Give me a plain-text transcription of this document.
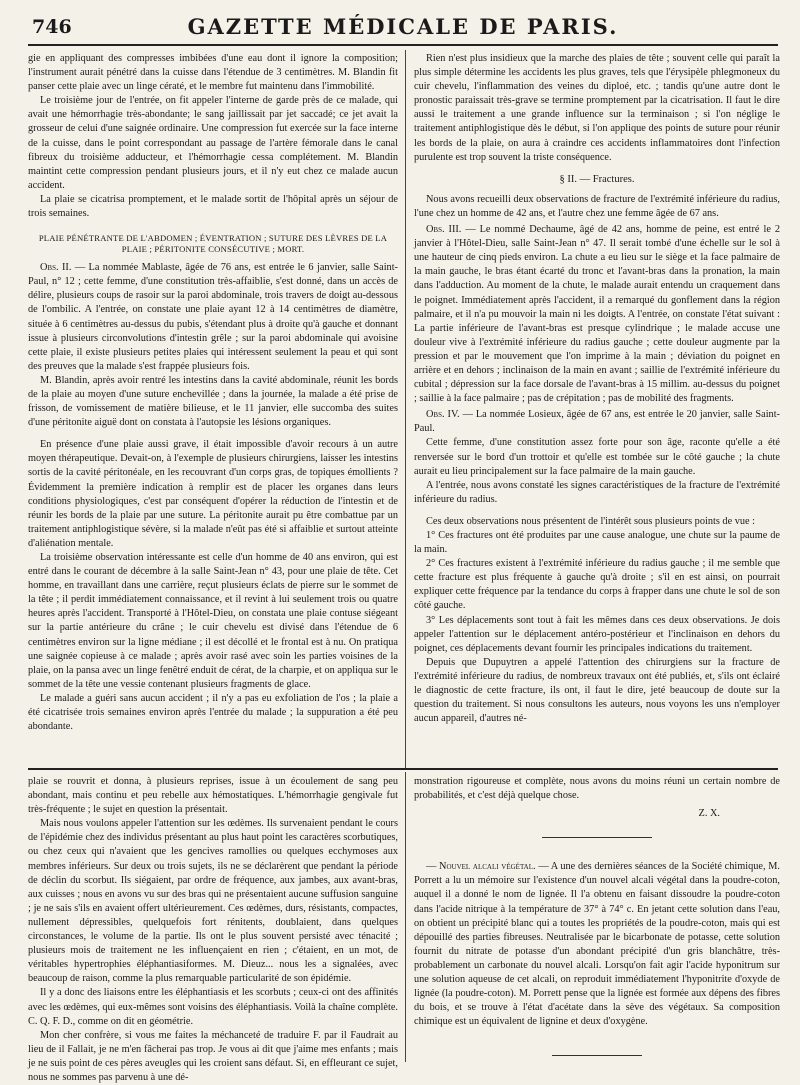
746	GAZETTE MÉDICALE DE PARIS.

gie en appliquant des compresses imbibées d'une eau dont il ignore la composition; l'instrument aurait pénétré dans la cuisse dans l'étendue de 3 centimètres. M. Blandin fit panser cette plaie avec un linge cératé, et le membre fut maintenu dans l'immobilité.

Le troisième jour de l'entrée, on fit appeler l'interne de garde près de ce malade, qui avait une hémorrhagie très-abondante; le sang jaillissait par jet saccadé; ce jet avait la grosseur de celui d'une saignée ordinaire. Une compression fut exercée sur la face interne de la cuisse, dans le point correspondant au passage de l'artère fémorale dans le canal fibreux du troisième adducteur, et l'hémorrhagie cessa complétement. M. Blandin maintint cette compression pendant plusieurs jours, et il n'y eut chez ce malade aucun accident.

La plaie se cicatrisa promptement, et le malade sortit de l'hôpital après un séjour de trois semaines.

PLAIE PÉNÉTRANTE DE L'ABDOMEN ; ÉVENTRATION ; SUTURE DES LÈVRES DE LA PLAIE ; PÉRITONITE CONSÉCUTIVE ; MORT.

Obs. II. — La nommée Mablaste, âgée de 76 ans, est entrée le 6 janvier, salle Saint-Paul, n° 12 ; cette femme, d'une constitution très-affaiblie, s'est donné, dans un accès de délire, plusieurs coups de rasoir sur la paroi abdominale, trois travers de doigt au-dessous de l'ombilic. A l'entrée, on constate une plaie ayant 12 à 14 centimètres de diamètre, située à 6 centimètres au-dessus du pubis, s'étendant plus à droite qu'à gauche et donnant issue à plusieurs circonvolutions d'intestin grêle ; sur la paroi abdominale qui avoisine cette plaie, il existe plusieurs petites plaies qui intéressent seulement la peau et qui sont des preuves que la malade s'est frappée plusieurs fois.

M. Blandin, après avoir rentré les intestins dans la cavité abdominale, réunit les bords de la plaie au moyen d'une suture enchevillée ; dans la journée, la malade a été prise de frisson, de vomissement de matière bilieuse, et le 11 janvier, elle succomba des suites d'une péritonite aiguë dont on constata à l'autopsie les lésions organiques.

En présence d'une plaie aussi grave, il était impossible d'avoir recours à un autre moyen thérapeutique. Devait-on, à l'exemple de plusieurs chirurgiens, laisser les intestins sortis de la cavité péritonéale, en les recouvrant d'un corps gras, de topiques émollients ? Évidemment la première indication à remplir est de placer les organes dans leurs conditions physiologiques, c'est par conséquent d'opérer la réduction de l'intestin et de réunir les bords de la plaie par une suture. La péritonite aurait pu être combattue par un traitement antiphlogistique sévère, si la malade n'eût pas été si affaiblie et surtout atteinte d'aliénation mentale.

La troisième observation intéressante est celle d'un homme de 40 ans environ, qui est entré dans le courant de décembre à la salle Saint-Jean n° 43, pour une plaie de tête. Cet homme, en travaillant dans une carrière, reçut plusieurs éclats de pierre sur le sommet de la tête ; il perdit immédiatement connaissance, et il revint à lui seulement trois ou quatre heures après l'accident. Transporté à l'Hôtel-Dieu, on constata une plaie contuse siégeant sur la partie antérieure du crâne ; le cuir chevelu est divisé dans l'étendue de 6 centimètres environ sur la ligne médiane ; il est décollé et le frontal est à nu. On pratiqua une saignée copieuse à ce malade ; après avoir rasé avec soin les parties voisines de la plaie, on la pansa avec un linge fenêtré enduit de cérat, de la charpie, et on appliqua sur le sommet de la tête une vessie contenant plusieurs fragments de glace.

Le malade a guéri sans aucun accident ; il n'y a pas eu exfoliation de l'os ; la plaie a été cicatrisée trois semaines environ après l'entrée du malade ; la suppuration a été peu abondante.

Rien n'est plus insidieux que la marche des plaies de tête ; souvent celle qui paraît la plus simple détermine les accidents les plus graves, tels que l'érysipèle phlegmoneux du cuir chevelu, l'inflammation des veines du diploé, etc. ; tandis qu'une autre dont le pronostic paraissait très-grave se termine promptement par la cicatrisation. Il faut le dire aussi le traitement a une grande influence sur la terminaison ; si l'on néglige le traitement antiphlogistique dès le début, si l'on applique des points de suture pour réunir les bords de la plaie, on aura à craindre ces accidents inflammatoires dont l'infection purulente est trop souvent la triste conséquence.

§ II. — Fractures.

Nous avons recueilli deux observations de fracture de l'extrémité inférieure du radius, l'une chez un homme de 42 ans, et l'autre chez une femme âgée de 67 ans.

Obs. III. — Le nommé Dechaume, âgé de 42 ans, homme de peine, est entré le 2 janvier à l'Hôtel-Dieu, salle Saint-Jean n° 47. Il serait tombé d'une échelle sur le sol à une hauteur de cinq pieds environ. La chute a eu lieu sur le siège et la face palmaire de la main gauche, le bras étant écarté du tronc et l'avant-bras dans la pronation, la main dans l'adduction. Au moment de la chute, le malade aurait entendu un craquement dans le poignet. Immédiatement après l'accident, il a remarqué du gonflement dans la région palmaire, et il n'a pu mouvoir la main ni les doigts. A l'entrée, on constate l'état suivant : La partie inférieure de l'avant-bras est presque cylindrique ; le malade accuse une douleur vive à l'extrémité inférieure du radius gauche ; cette douleur augmente par la pression et par le mouvement que l'on imprime à la main ; déviation du poignet en arrière et en dehors ; inclinaison de la main en avant ; saillie de l'extrémité inférieure du cubital ; dépression sur la face dorsale de l'avant-bras à 15 millim. au-dessus du poignet ; saillie à la face palmaire ; pas de crépitation ; pas de mobilité des fragments.

Obs. IV. — La nommée Losieux, âgée de 67 ans, est entrée le 20 janvier, salle Saint-Paul.

Cette femme, d'une constitution assez forte pour son âge, raconte qu'elle a été renversée sur le bord d'un trottoir et qu'elle est tombée sur le côté gauche ; la chute aurait eu lieu principalement sur la face palmaire de la main gauche.

A l'entrée, nous avons constaté les signes caractéristiques de la fracture de l'extrémité inférieure du radius.

Ces deux observations nous présentent de l'intérêt sous plusieurs points de vue :

1° Ces fractures ont été produites par une cause analogue, une chute sur la paume de la main.

2° Ces fractures existent à l'extrémité inférieure du radius gauche ; il me semble que cette fracture est plus fréquente à gauche qu'à droite ; s'il en est ainsi, on pourrait expliquer cette fréquence par la tendance du corps à frapper dans une chute le sol de son côté gauche.

3° Les déplacements sont tout à fait les mêmes dans ces deux observations. Je dois appeler l'attention sur le déplacement antéro-postérieur et l'inclinaison en dehors du poignet, ces déplacements devant fournir les principales indications du traitement.

Depuis que Dupuytren a appelé l'attention des chirurgiens sur la fracture de l'extrémité inférieure du radius, de nombreux travaux ont été publiés, et, s'ils ont éclairé le diagnostic de cette fracture, ils ont, il faut le dire, jeté beaucoup de doute sur la question du traitement. Si nous consultons les auteurs, nous voyons les uns n'employer aucun appareil, d'autres né-

plaie se rouvrit et donna, à plusieurs reprises, issue à un écoulement de sang peu abondant, mais continu et peu rebelle aux hémostatiques. L'hémorrhagie gengivale fut très-fréquente ; le sujet en question la présentait.

Mais nous voulons appeler l'attention sur les œdèmes. Ils survenaient pendant le cours de l'épidémie chez des individus présentant au plus haut point les caractères scorbutiques, ou chez ceux qui n'avaient que les gencives ramollies ou quelques ecchymoses aux membres inférieurs. Sur deux ou trois sujets, ils ne se déclarèrent que pendant la période de déclin du scorbut. Ils siégaient, par ordre de fréquence, aux jambes, aux avant-bras, aux cuisses ; nous en avons vu sur des bras qui ne présentaient aucune suffusion sanguine ; je ne sais s'ils en avaient offert ultérieurement. Ces œdèmes, durs, résistants, compactes, nullement dépressibles, quelquefois fort rénitents, doublaient, dans quelques circonstances, le volume de la partie. Ils ont le plus souvent persisté avec ténacité ; plusieurs mois de traitement ne les influençaient en rien ; c'étaient, en un mot, de véritables hypertrophies éléphantiasiformes. M. Dieuz... nous les a signalées, avec beaucoup de raison, comme la plus remarquable particularité de son épidémie.

Il y a donc des liaisons entre les éléphantiasis et les scorbuts ; ceux-ci ont des affinités avec les œdèmes, qui eux-mêmes sont voisins des éléphantiasis. Voilà la chaîne complète. C. Q. F. D., comme on dit en géométrie.

Mon cher confrère, si vous me faites la méchanceté de traduire F. par il Faudrait au lieu de il Fallait, je ne m'en fâcherai pas trop. Je vous ai dit que j'aime mes enfants ; mais je ne suis point de ces pères aveugles qui les croient sans défaut. Si, en effleurant ce sujet, nous ne sommes pas parvenu à une dé-

monstration rigoureuse et complète, nous avons du moins réuni un certain nombre de probabilités, et c'est déjà quelque chose.

Z. X.

— Nouvel alcali végétal. — A une des dernières séances de la Société chimique, M. Porrett a lu un mémoire sur l'existence d'un nouvel alcali végétal dans la poudre-coton, auquel il a donné le nom de lignée. Il l'a obtenu en faisant dissoudre la poudre-coton dans l'acide nitrique à la température de 37° à 74° c. En jetant cette solution dans l'eau, on obtient un précipité blanc qui a toutes les propriétés de la poudre-coton, mais qui est dépouillé des parties fibreuses. Neutralisée par le bicarbonate de potasse, cette solution fournit du nitrate de potasse d'un abondant précipité d'un gris blanchâtre, très-probablement un carbonate du nouvel alcali. Lorsqu'on fait agir l'acide hyponitrum sur une solution aqueuse de cet alcali, on reproduit immédiatement l'hyponitrite d'oxyde de lignée (la poudre-coton). M. Porrett pense que la lignée est formée aux dépens des fibres du bois, et se trouve à l'état d'acétate dans la sève des végétaux. Sa composition chimique est un équivalent de lignine et deux d'oxygène.
